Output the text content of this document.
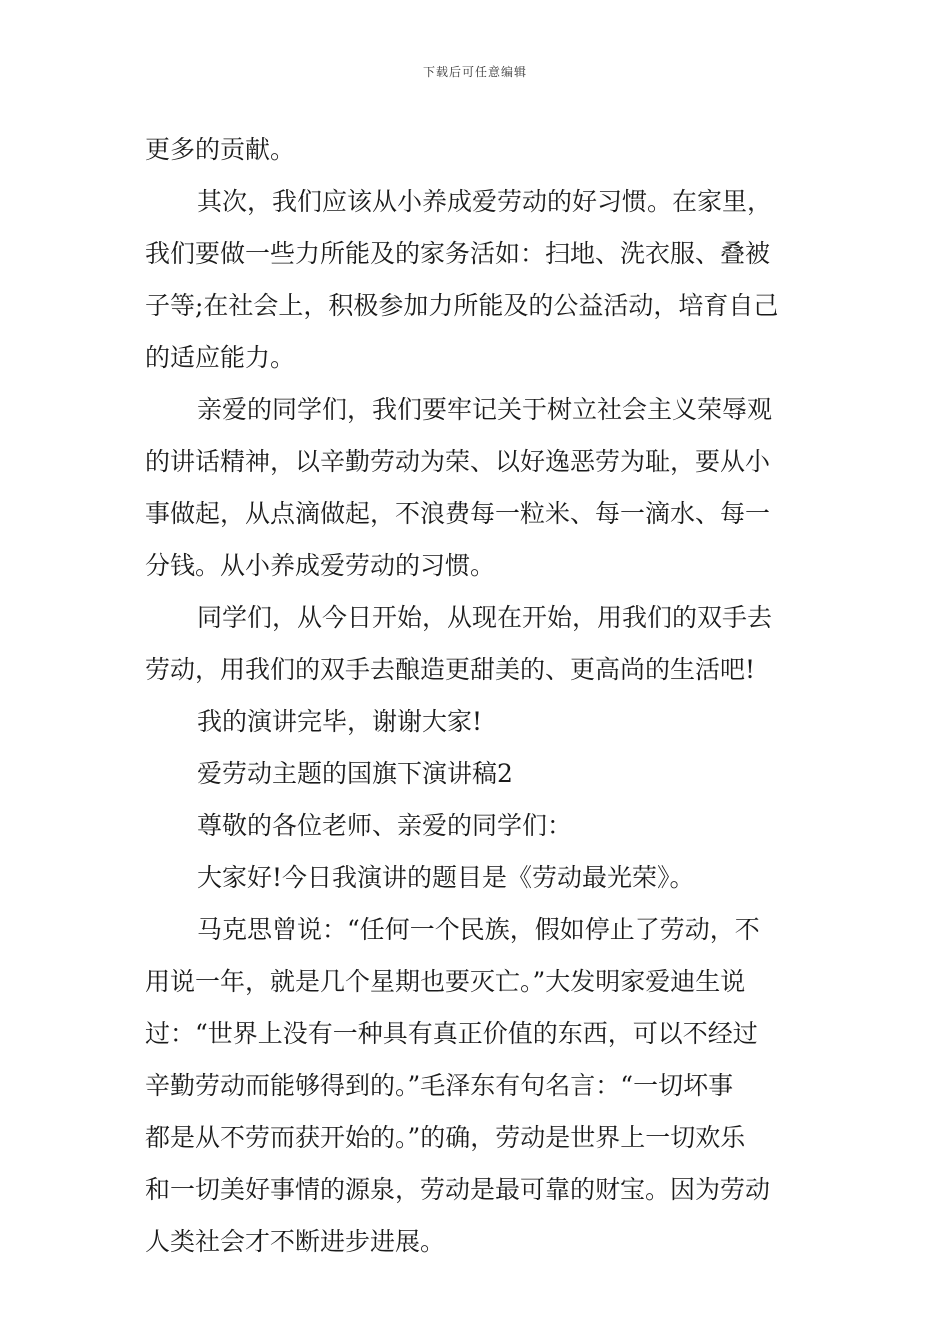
下载后可任意编辑
更多的贡献。
其次，我们应该从小养成爱劳动的好习惯。在家里，
我们要做一些力所能及的家务活如：扫地、洗衣服、叠被
子等;在社会上，积极参加力所能及的公益活动，培育自己
的适应能力。
亲爱的同学们，我们要牢记关于树立社会主义荣辱观
的讲话精神，以辛勤劳动为荣、以好逸恶劳为耻，要从小
事做起，从点滴做起，不浪费每一粒米、每一滴水、每一
分钱。从小养成爱劳动的习惯。
同学们，从今日开始，从现在开始，用我们的双手去
劳动，用我们的双手去酿造更甜美的、更高尚的生活吧!
我的演讲完毕，谢谢大家!
爱劳动主题的国旗下演讲稿2
尊敬的各位老师、亲爱的同学们：
大家好!今日我演讲的题目是《劳动最光荣》。
马克思曾说：“任何一个民族，假如停止了劳动，不
用说一年，就是几个星期也要灭亡。”大发明家爱迪生说
过：“世界上没有一种具有真正价值的东西，可以不经过
辛勤劳动而能够得到的。”毛泽东有句名言：“一切坏事
都是从不劳而获开始的。”的确，劳动是世界上一切欢乐
和一切美好事情的源泉，劳动是最可靠的财宝。因为劳动
人类社会才不断进步进展。
